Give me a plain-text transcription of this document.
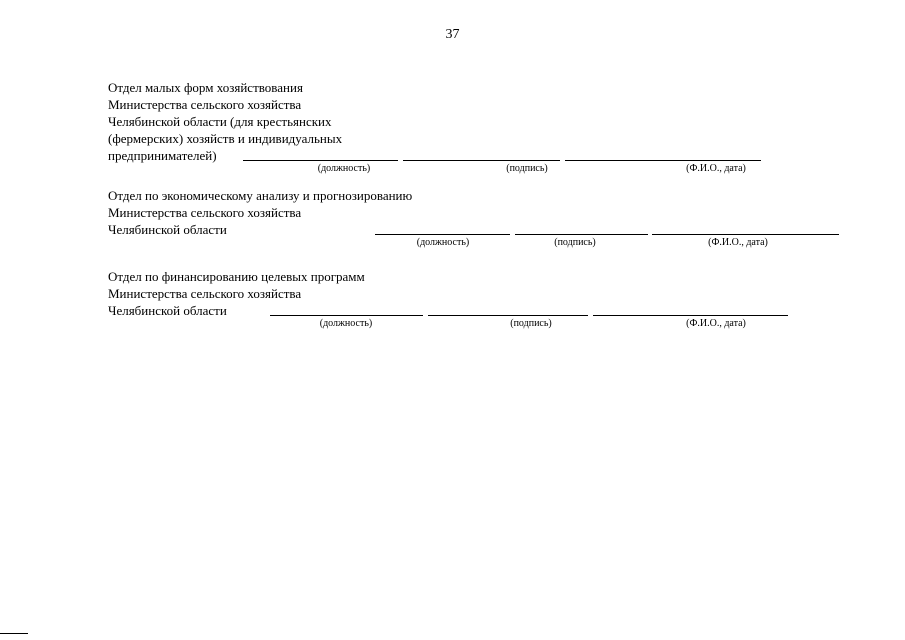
37
Отдел малых форм хозяйствования
Министерства сельского хозяйства
Челябинской области (для крестьянских
(фермерских) хозяйств и индивидуальных
предпринимателей)
(должность)	(подпись)	(Ф.И.О., дата)
Отдел по экономическому анализу и прогнозированию
Министерства сельского хозяйства
Челябинской области
(должность)	(подпись)	(Ф.И.О., дата)
Отдел по финансированию целевых программ
Министерства сельского хозяйства
Челябинской области
(должность)	(подпись)	(Ф.И.О., дата)
